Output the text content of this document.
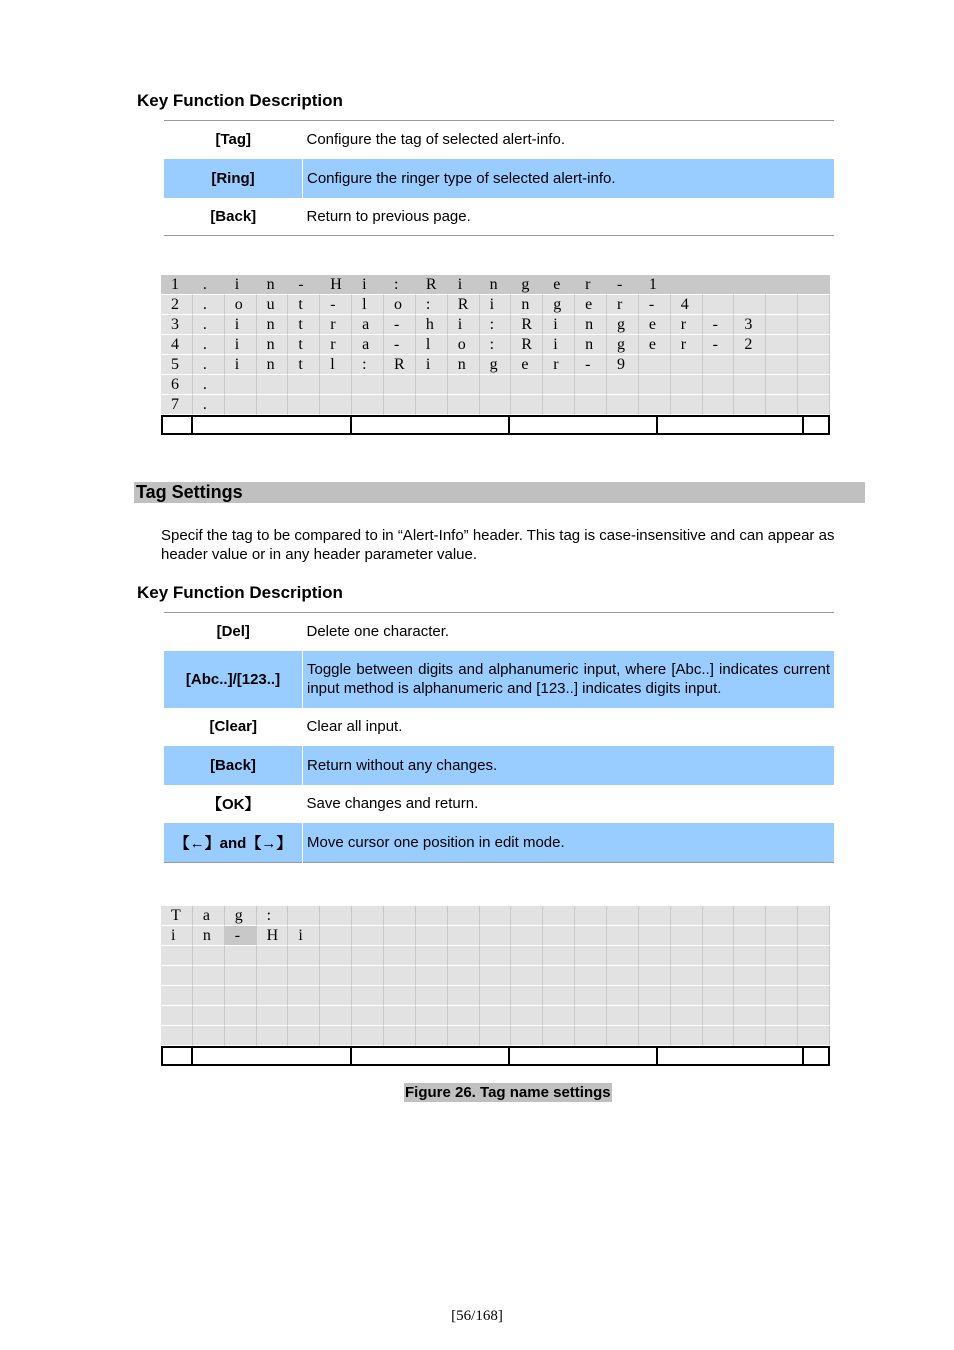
Key Function Description
[Tag]	Configure the tag of selected alert-info.
[Ring]	Configure the ringer type of selected alert-info.
[Back]	Return to previous page.
1	.	i	n	-	H	i	:	R	i	n	g	e	r	-	1
2	.	o	u	t	-	l	o	:	R	i	n	g	e	r	-	4
3	.	i	n	t	r	a	-	h	i	:	R	i	n	g	e	r	-	3
4	.	i	n	t	r	a	-	l	o	:	R	i	n	g	e	r	-	2
5	.	i	n	t	l	:	R	i	n	g	e	r	-	9
6	.
7	.
Tag Settings
Specif the tag to be compared to in “Alert-Info” header. This tag is case-insensitive and can appear as header value or in any header parameter value.
Key Function Description
[Del]	Delete one character.
[Abc..]/[123..]	Toggle between digits and alphanumeric input, where [Abc..] indicates current input method is alphanumeric and [123..] indicates digits input.
[Clear]	Clear all input.
[Back]	Return without any changes.
【OK】	Save changes and return.
【←】and【→】	Move cursor one position in edit mode.
T	a	g	:
i	n	-	H	i
Figure 26. Tag name settings
[56/168]
